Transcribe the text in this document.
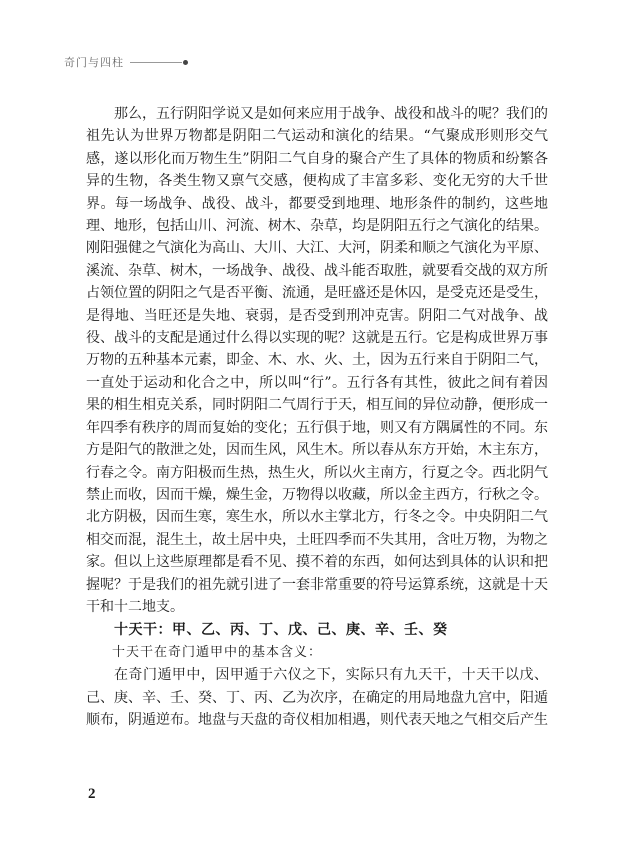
奇门与四柱

那么，五行阴阳学说又是如何来应用于战争、战役和战斗的呢？我们的祖先认为世界万物都是阴阳二气运动和演化的结果。“气聚成形则形交气感，遂以形化而万物生生”阴阳二气自身的聚合产生了具体的物质和纷繁各异的生物，各类生物又禀气交感，便构成了丰富多彩、变化无穷的大千世界。每一场战争、战役、战斗，都要受到地理、地形条件的制约，这些地理、地形，包括山川、河流、树木、杂草，均是阴阳五行之气演化的结果。刚阳强健之气演化为高山、大川、大江、大河，阴柔和顺之气演化为平原、溪流、杂草、树木，一场战争、战役、战斗能否取胜，就要看交战的双方所占领位置的阴阳之气是否平衡、流通，是旺盛还是休囚，是受克还是受生，是得地、当旺还是失地、衰弱，是否受到刑冲克害。阴阳二气对战争、战役、战斗的支配是通过什么得以实现的呢？这就是五行。它是构成世界万事万物的五种基本元素，即金、木、水、火、土，因为五行来自于阴阳二气，一直处于运动和化合之中，所以叫“行”。五行各有其性，彼此之间有着因果的相生相克关系，同时阴阳二气周行于天，相互间的异位动静，便形成一年四季有秩序的周而复始的变化；五行俱于地，则又有方隅属性的不同。东方是阳气的散泄之处，因而生风，风生木。所以春从东方开始，木主东方，行春之令。南方阳极而生热，热生火，所以火主南方，行夏之令。西北阴气禁止而收，因而干燥，燥生金，万物得以收藏，所以金主西方，行秋之令。北方阴极，因而生寒，寒生水，所以水主掌北方，行冬之令。中央阴阳二气相交而混，混生土，故土居中央，土旺四季而不失其用，含吐万物，为物之家。但以上这些原理都是看不见、摸不着的东西，如何达到具体的认识和把握呢？于是我们的祖先就引进了一套非常重要的符号运算系统，这就是十天干和十二地支。

十天干：甲、乙、丙、丁、戊、己、庚、辛、壬、癸

十天干在奇门遁甲中的基本含义：

在奇门遁甲中，因甲遁于六仪之下，实际只有九天干，十天干以戊、己、庚、辛、壬、癸、丁、丙、乙为次序，在确定的用局地盘九宫中，阳遁顺布，阴遁逆布。地盘与天盘的奇仪相加相遇，则代表天地之气相交后产生

2
